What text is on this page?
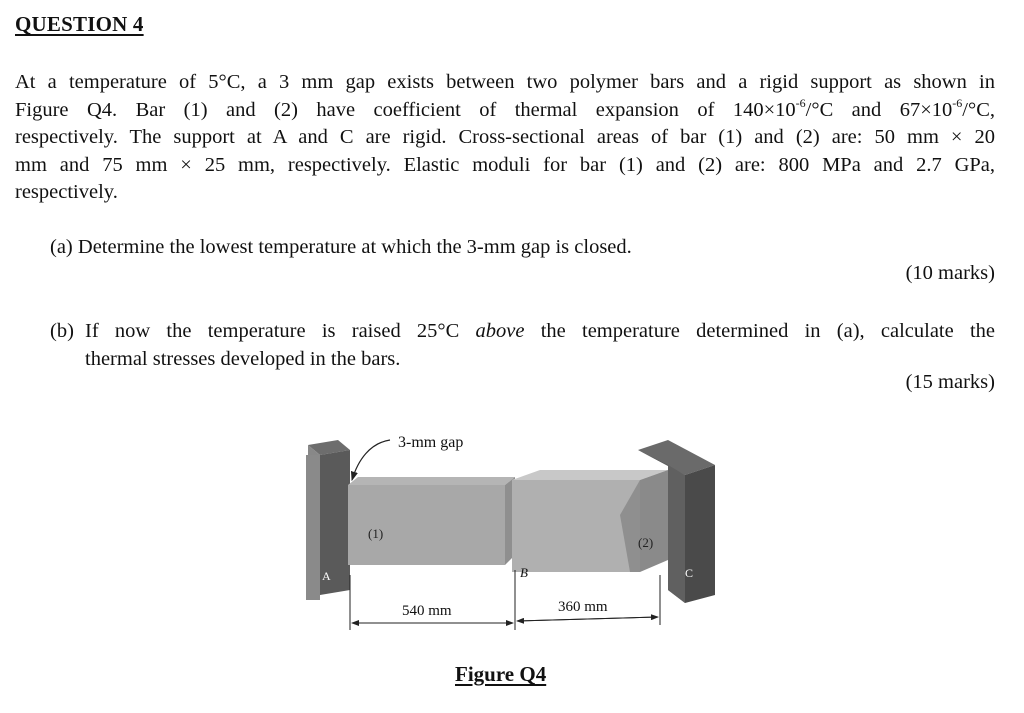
QUESTION 4
At a temperature of 5°C, a 3 mm gap exists between two polymer bars and a rigid support as shown in
Figure Q4. Bar (1) and (2) have coefficient of thermal expansion of $140\times 10^{-6}/^\circ C$ and $67\times 10^{-6}/^\circ C$,
respectively. The support at A and C are rigid. Cross-sectional areas of bar (1) and (2) are: 50 mm × 20
mm and 75 mm × 25 mm, respectively. Elastic moduli for bar (1) and (2) are: 800 MPa and 2.7 GPa,
respectively.
(a) Determine the lowest temperature at which the 3-mm gap is closed.
(10 marks)
(b) If now the temperature is raised 25°C above the temperature determined in (a), calculate the
thermal stresses developed in the bars.
(15 marks)
3-mm gap
(1)
(2)
A	B	C
540 mm	360 mm
Figure Q4
